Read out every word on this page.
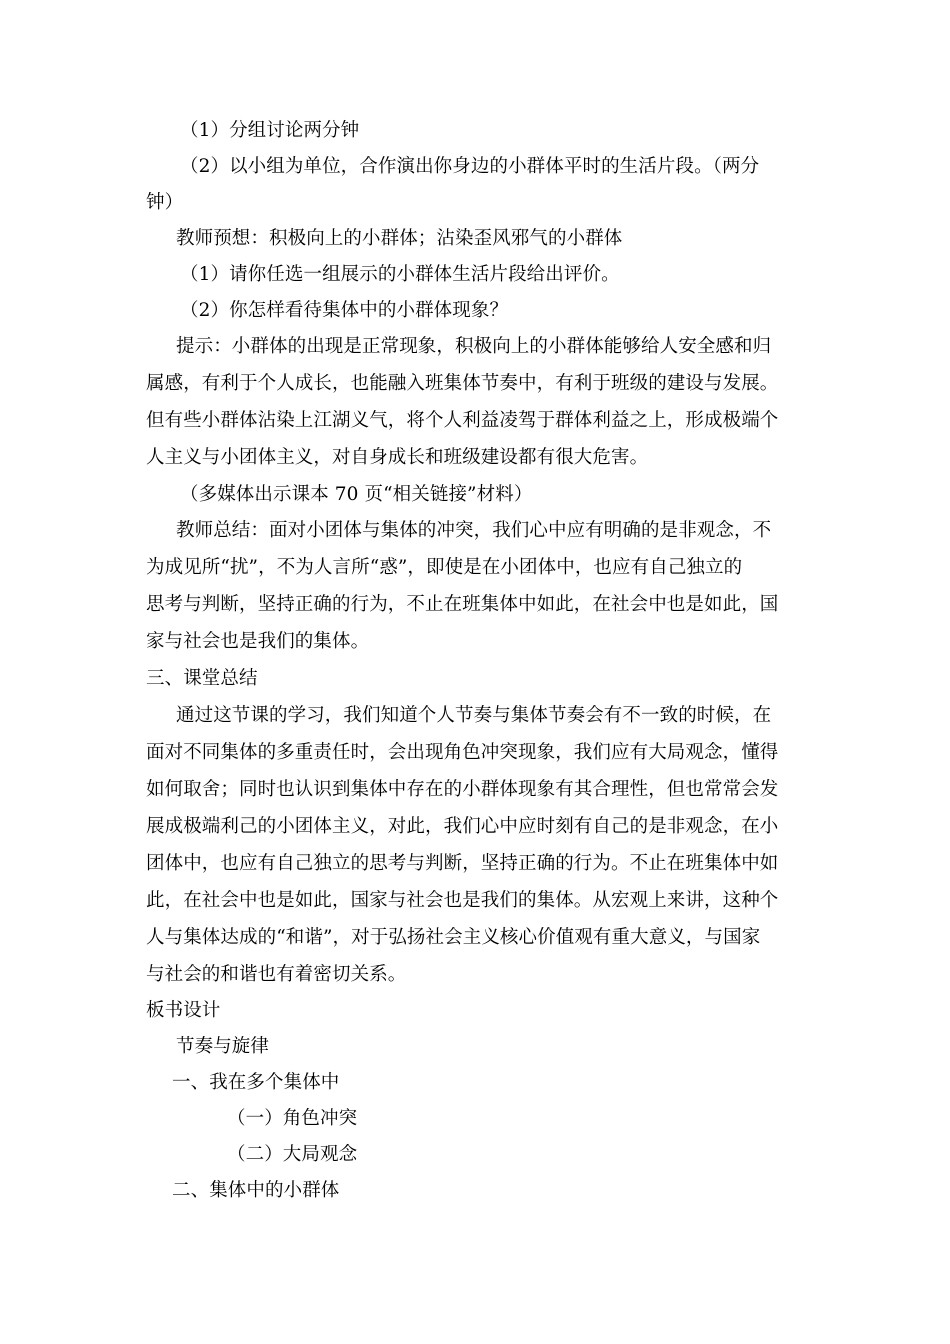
（1）分组讨论两分钟
（2）以小组为单位，合作演出你身边的小群体平时的生活片段。（两分
钟）
教师预想：积极向上的小群体；沾染歪风邪气的小群体
（1）请你任选一组展示的小群体生活片段给出评价。
（2）你怎样看待集体中的小群体现象？
提示：小群体的出现是正常现象，积极向上的小群体能够给人安全感和归
属感，有利于个人成长，也能融入班集体节奏中，有利于班级的建设与发展。
但有些小群体沾染上江湖义气，将个人利益凌驾于群体利益之上，形成极端个
人主义与小团体主义，对自身成长和班级建设都有很大危害。
（多媒体出示课本 70 页“相关链接”材料）
教师总结：面对小团体与集体的冲突，我们心中应有明确的是非观念，不
为成见所“扰”，不为人言所“惑”，即使是在小团体中，也应有自己独立的
思考与判断，坚持正确的行为，不止在班集体中如此，在社会中也是如此，国
家与社会也是我们的集体。
三、课堂总结
通过这节课的学习，我们知道个人节奏与集体节奏会有不一致的时候，在
面对不同集体的多重责任时，会出现角色冲突现象，我们应有大局观念，懂得
如何取舍；同时也认识到集体中存在的小群体现象有其合理性，但也常常会发
展成极端利己的小团体主义，对此，我们心中应时刻有自己的是非观念，在小
团体中，也应有自己独立的思考与判断，坚持正确的行为。不止在班集体中如
此，在社会中也是如此，国家与社会也是我们的集体。从宏观上来讲，这种个
人与集体达成的“和谐”，对于弘扬社会主义核心价值观有重大意义，与国家
与社会的和谐也有着密切关系。
板书设计
节奏与旋律
一、我在多个集体中
（一）角色冲突
（二）大局观念
二、集体中的小群体
